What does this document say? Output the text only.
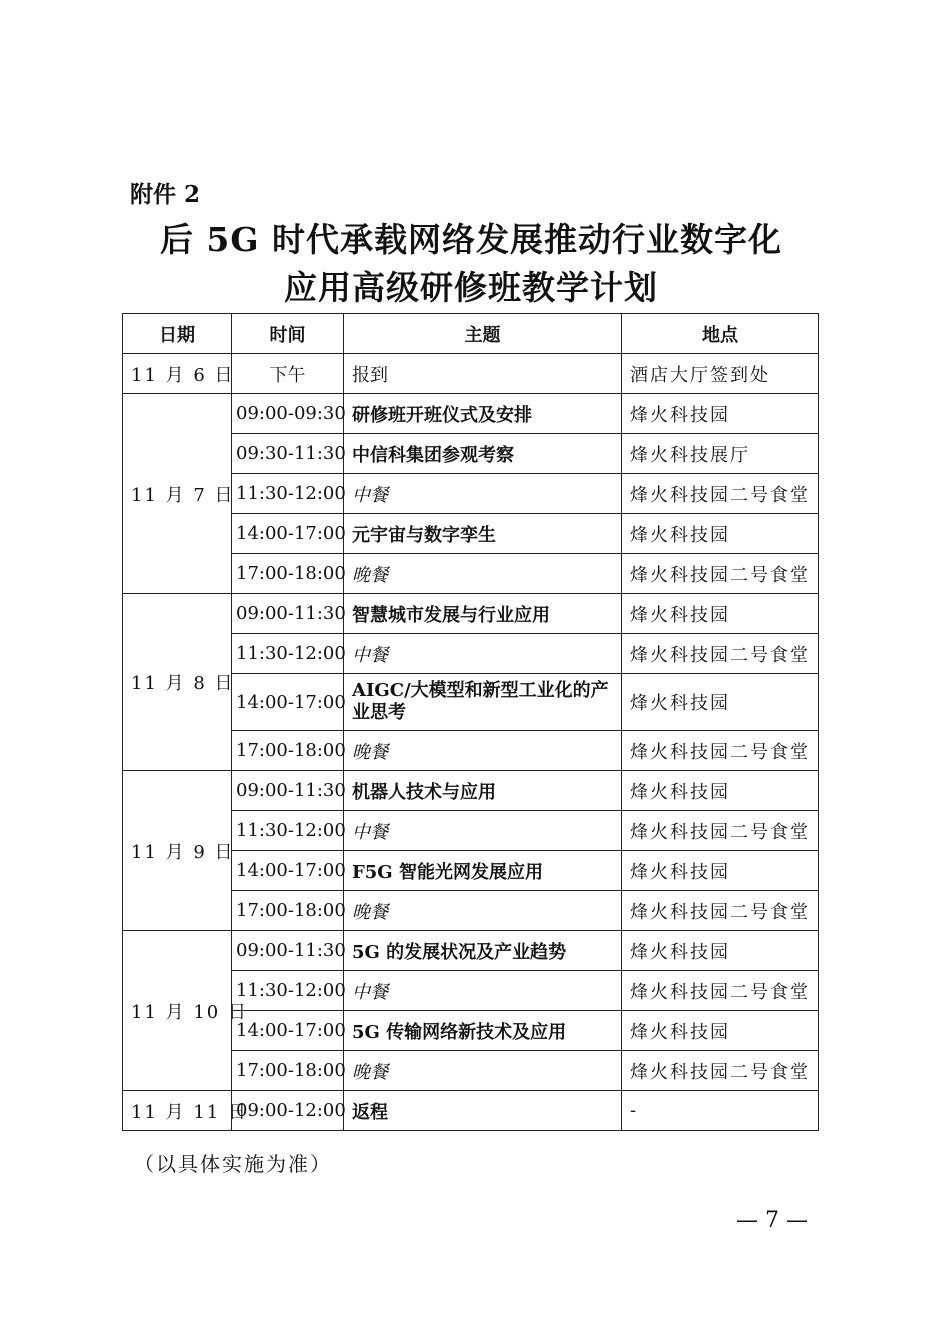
附件 2
后 5G 时代承载网络发展推动行业数字化
应用高级研修班教学计划
日期	时间	主题	地点
11 月 6 日	下午	报到	酒店大厅签到处
11 月 7 日	09:00-09:30	研修班开班仪式及安排	烽火科技园
	09:30-11:30	中信科集团参观考察	烽火科技展厅
	11:30-12:00	中餐	烽火科技园二号食堂
	14:00-17:00	元宇宙与数字孪生	烽火科技园
	17:00-18:00	晚餐	烽火科技园二号食堂
11 月 8 日	09:00-11:30	智慧城市发展与行业应用	烽火科技园
	11:30-12:00	中餐	烽火科技园二号食堂
	14:00-17:00	AIGC/大模型和新型工业化的产业思考	烽火科技园
	17:00-18:00	晚餐	烽火科技园二号食堂
11 月 9 日	09:00-11:30	机器人技术与应用	烽火科技园
	11:30-12:00	中餐	烽火科技园二号食堂
	14:00-17:00	F5G 智能光网发展应用	烽火科技园
	17:00-18:00	晚餐	烽火科技园二号食堂
11 月 10 日	09:00-11:30	5G 的发展状况及产业趋势	烽火科技园
	11:30-12:00	中餐	烽火科技园二号食堂
	14:00-17:00	5G 传输网络新技术及应用	烽火科技园
	17:00-18:00	晚餐	烽火科技园二号食堂
11 月 11 日	09:00-12:00	返程	-
（以具体实施为准）
— 7 —
